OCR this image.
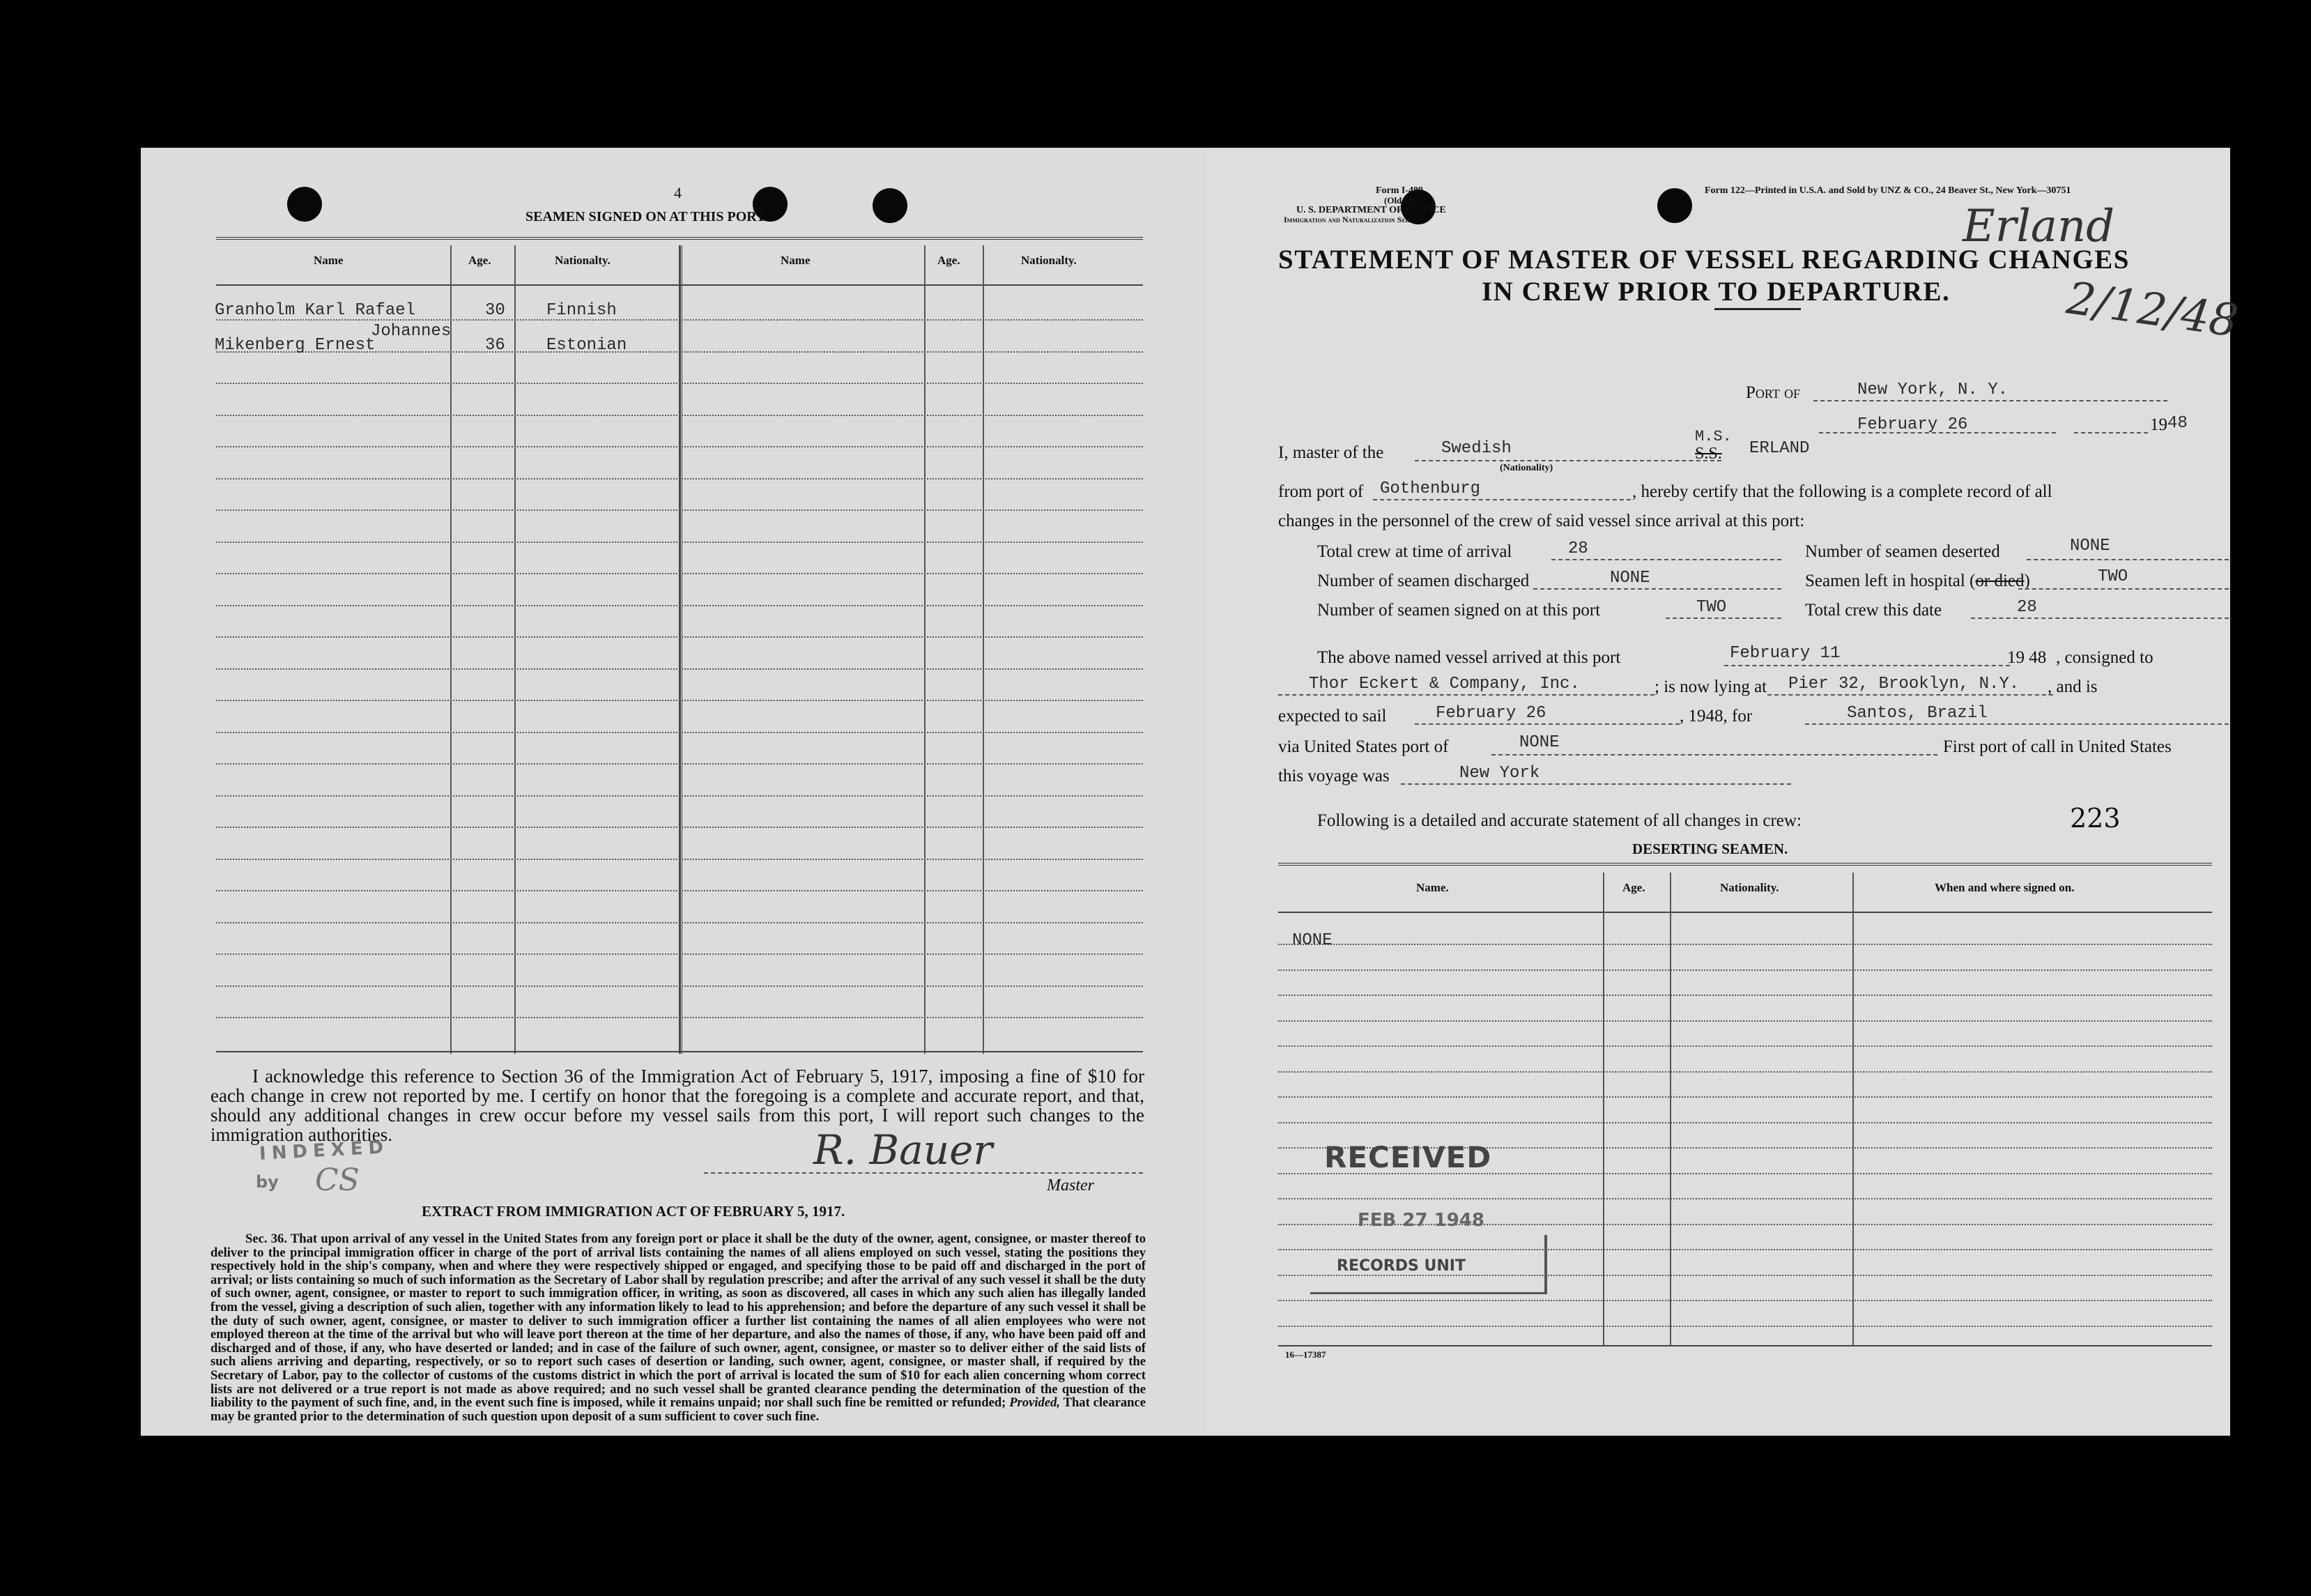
4
SEAMEN SIGNED ON AT THIS PORT.
Name	Age.	Nationalty.	Name	Age.	Nationalty.
Granholm Karl Rafael	30 Finnish
Johannes
Mikenberg Ernest	36 Estonian
I acknowledge this reference to Section 36 of the Immigration Act of February 5, 1917, imposing a fine of $10 for each change in crew not reported by me. I certify on honor that the foregoing is a complete and accurate report, and that, should any additional changes in crew occur before my vessel sails from this port, I will report such changes to the immigration authorities.
INDEXED
by CS
R. Bauer
Master
EXTRACT FROM IMMIGRATION ACT OF FEBRUARY 5, 1917.
Sec. 36. That upon arrival of any vessel in the United States from any foreign port or place it shall be the duty of the owner, agent, consignee, or master thereof to deliver to the principal immigration officer in charge of the port of arrival lists containing the names of all aliens employed on such vessel, stating the positions they respectively hold in the ship's company, when and where they were respectively shipped or engaged, and specifying those to be paid off and discharged in the port of arrival; or lists containing so much of such information as the Secretary of Labor shall by regulation prescribe; and after the arrival of any such vessel it shall be the duty of such owner, agent, consignee, or master to report to such immigration officer, in writing, as soon as discovered, all cases in which any such alien has illegally landed from the vessel, giving a description of such alien, together with any information likely to lead to his apprehension; and before the departure of any such vessel it shall be the duty of such owner, agent, consignee, or master to deliver to such immigration officer a further list containing the names of all alien employees who were not employed thereon at the time of the arrival but who will leave port thereon at the time of her departure, and also the names of those, if any, who have been paid off and discharged and of those, if any, who have deserted or landed; and in case of the failure of such owner, agent, consignee, or master so to deliver either of the said lists of such aliens arriving and departing, respectively, or so to report such cases of desertion or landing, such owner, agent, consignee, or master shall, if required by the Secretary of Labor, pay to the collector of customs of the customs district in which the port of arrival is located the sum of $10 for each alien concerning whom correct lists are not delivered or a true report is not made as above required; and no such vessel shall be granted clearance pending the determination of the question of the liability to the payment of such fine, and, in the event such fine is imposed, while it remains unpaid; nor shall such fine be remitted or refunded; Provided, That clearance may be granted prior to the determination of such question upon deposit of a sum sufficient to cover such fine.
Form I-489
(Old 689)
U. S. DEPARTMENT OF JUSTICE
Immigration and Naturalization Service
Form 122—Printed in U.S.A. and Sold by UNZ & CO., 24 Beaver St., New York—30751
Erland
2/12/48
STATEMENT OF MASTER OF VESSEL REGARDING CHANGES
IN CREW PRIOR TO DEPARTURE.
Port of	New York, N. Y.
I, master of the	Swedish
(Nationality)
M.S.
S.S. ERLAND
February 26	19 48
from port of Gothenburg	, hereby certify that the following is a complete record of all
changes in the personnel of the crew of said vessel since arrival at this port:
Total crew at time of arrival	28	Number of seamen deserted	NONE
Number of seamen discharged	NONE	Seamen left in hospital (or died)	TWO
Number of seamen signed on at this port	TWO	Total crew this date	28
The above named vessel arrived at this port	February 11	19 48 , consigned to
Thor Eckert & Company, Inc.	; is now lying at Pier 32, Brooklyn, N.Y. , and is
expected to sail	February 26	, 1948, for	Santos, Brazil
via United States port of	NONE	First port of call in United States
this voyage was	New York
Following is a detailed and accurate statement of all changes in crew:	223
DESERTING SEAMEN.
Name.	Age.	Nationality.	When and where signed on.
NONE
RECEIVED
FEB 27 1948
RECORDS UNIT
16—17387
